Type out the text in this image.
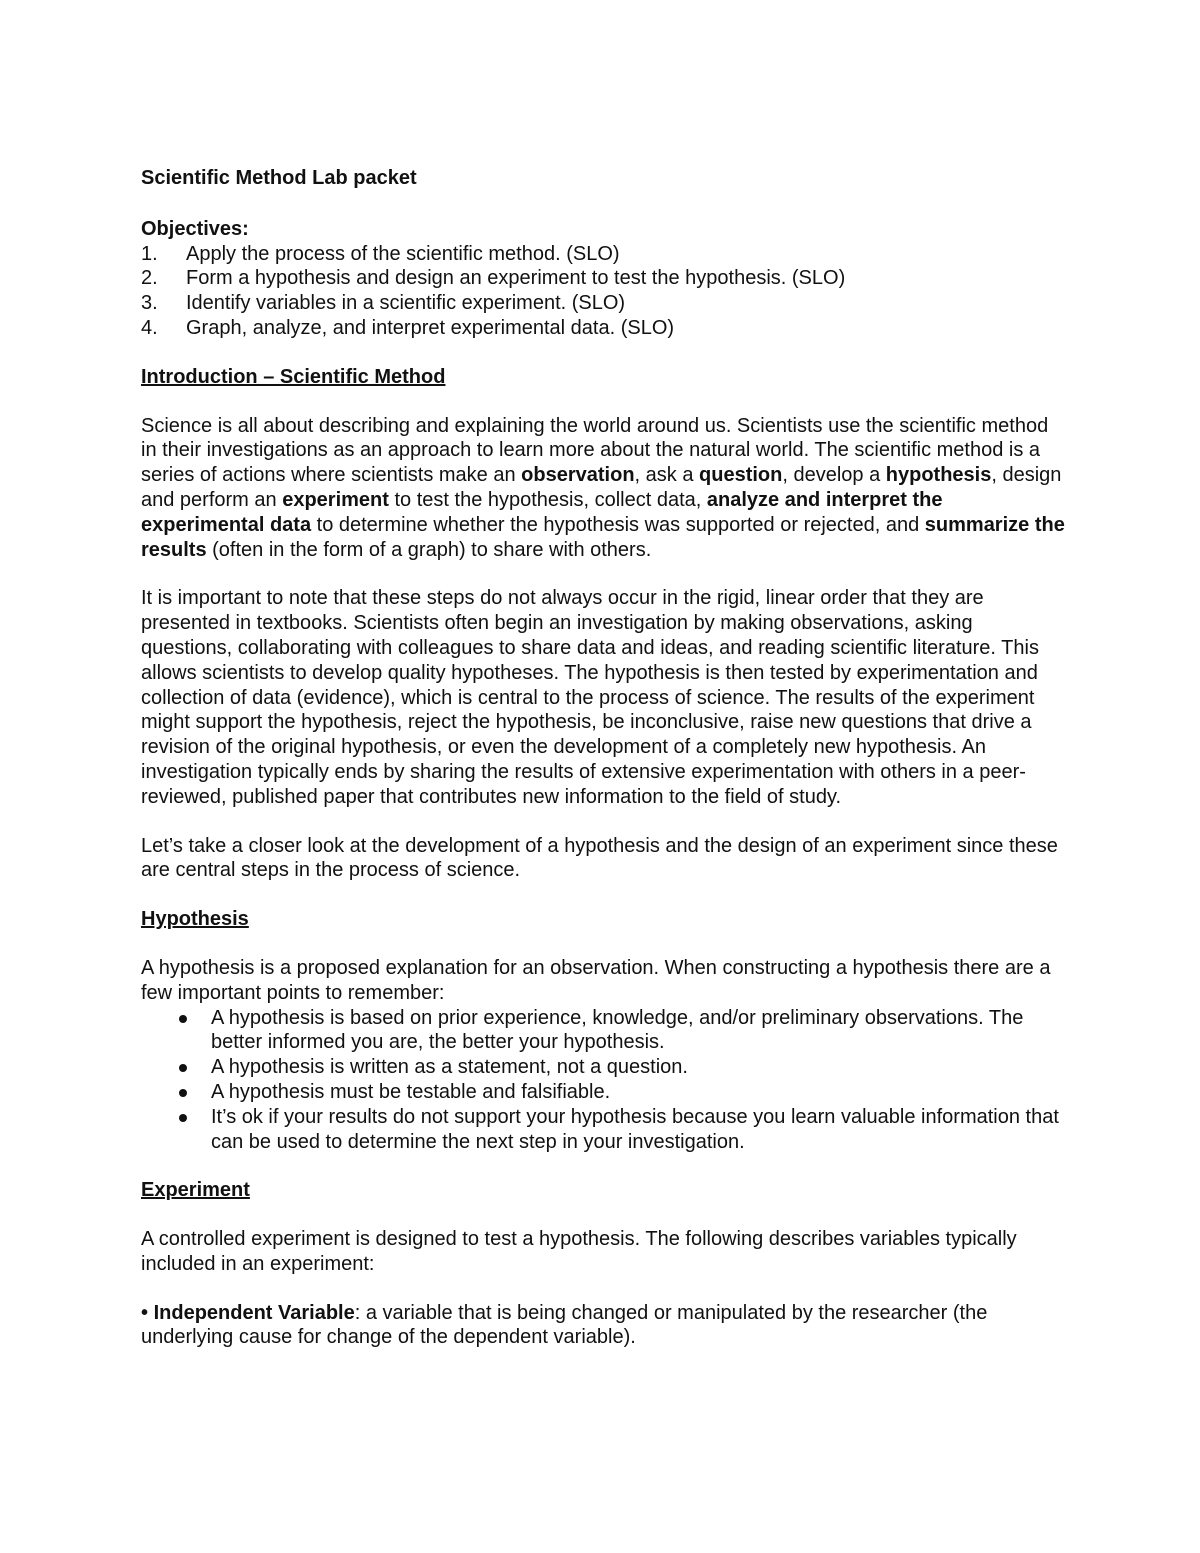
Scientific Method Lab packet
Objectives:
1.	Apply the process of the scientific method. (SLO)
2.	Form a hypothesis and design an experiment to test the hypothesis. (SLO)
3.	Identify variables in a scientific experiment. (SLO)
4.	Graph, analyze, and interpret experimental data. (SLO)
Introduction – Scientific Method

Science is all about describing and explaining the world around us. Scientists use the scientific method in their investigations as an approach to learn more about the natural world. The scientific method is a series of actions where scientists make an observation, ask a question, develop a hypothesis, design and perform an experiment to test the hypothesis, collect data, analyze and interpret the experimental data to determine whether the hypothesis was supported or rejected, and summarize the results (often in the form of a graph) to share with others.

It is important to note that these steps do not always occur in the rigid, linear order that they are presented in textbooks. Scientists often begin an investigation by making observations, asking questions, collaborating with colleagues to share data and ideas, and reading scientific literature. This allows scientists to develop quality hypotheses. The hypothesis is then tested by experimentation and collection of data (evidence), which is central to the process of science. The results of the experiment might support the hypothesis, reject the hypothesis, be inconclusive, raise new questions that drive a revision of the original hypothesis, or even the development of a completely new hypothesis. An investigation typically ends by sharing the results of extensive experimentation with others in a peer-reviewed, published paper that contributes new information to the field of study.

Let’s take a closer look at the development of a hypothesis and the design of an experiment since these are central steps in the process of science.

Hypothesis

A hypothesis is a proposed explanation for an observation. When constructing a hypothesis there are a few important points to remember:

A hypothesis is based on prior experience, knowledge, and/or preliminary observations. The better informed you are, the better your hypothesis.
A hypothesis is written as a statement, not a question.
A hypothesis must be testable and falsifiable.
It’s ok if your results do not support your hypothesis because you learn valuable information that can be used to determine the next step in your investigation.
Experiment

A controlled experiment is designed to test a hypothesis. The following describes variables typically included in an experiment:

• Independent Variable: a variable that is being changed or manipulated by the researcher (the underlying cause for change of the dependent variable).
